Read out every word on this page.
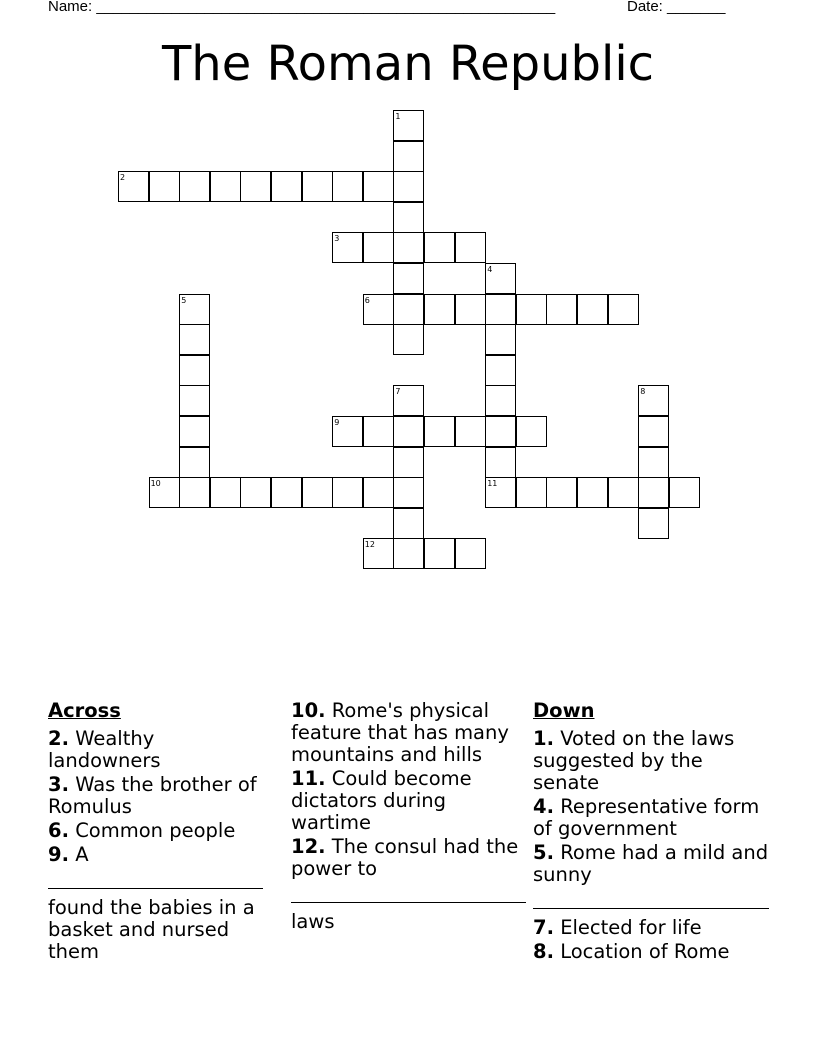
Name: _______________________________________________________	Date: _______
The Roman Republic
1
2
3
4
5	6
7	8
9
10	11
12
Across
2. Wealthy landowners
3. Was the brother of Romulus
6. Common people
9. A
found the babies in a basket and nursed them
10. Rome's physical feature that has many mountains and hills
11. Could become dictators during wartime
12. The consul had the power to
laws
Down
1. Voted on the laws suggested by the senate
4. Representative form of government
5. Rome had a mild and sunny
7. Elected for life
8. Location of Rome
